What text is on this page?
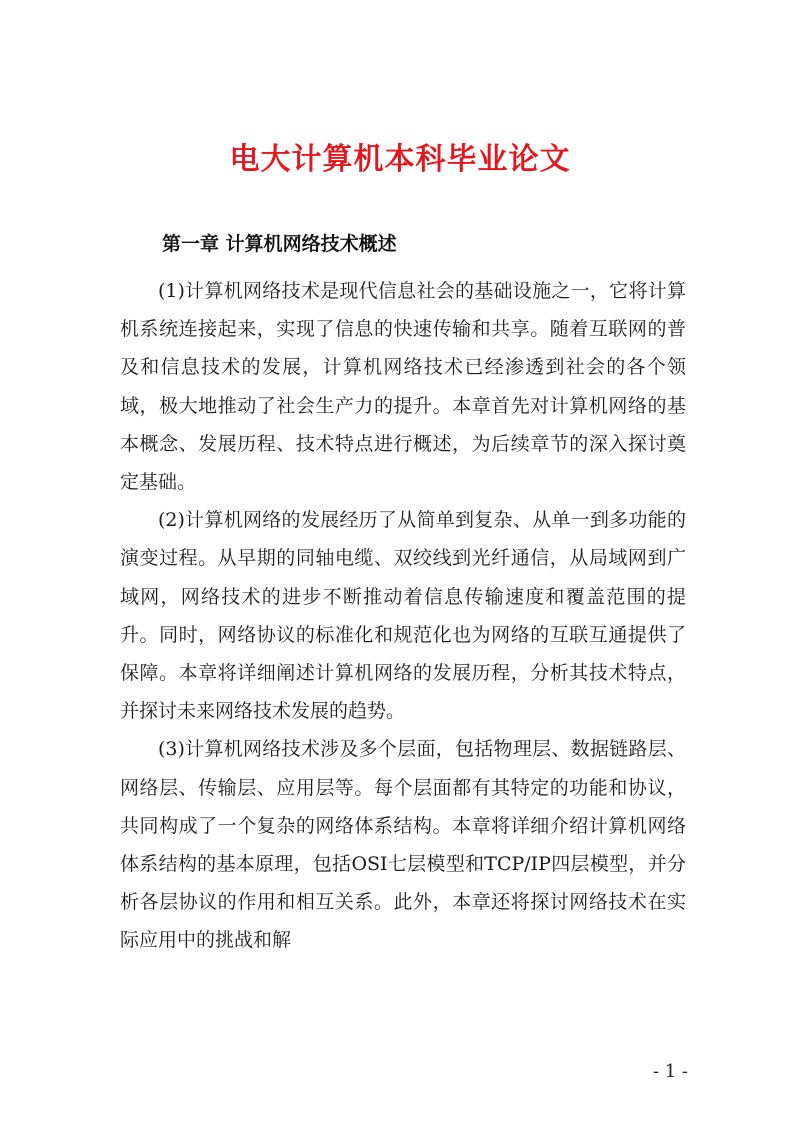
电大计算机本科毕业论文
第一章 计算机网络技术概述

(1)计算机网络技术是现代信息社会的基础设施之一，它将计算机系统连接起来，实现了信息的快速传输和共享。随着互联网的普及和信息技术的发展，计算机网络技术已经渗透到社会的各个领域，极大地推动了社会生产力的提升。本章首先对计算机网络的基本概念、发展历程、技术特点进行概述，为后续章节的深入探讨奠定基础。

(2)计算机网络的发展经历了从简单到复杂、从单一到多功能的演变过程。从早期的同轴电缆、双绞线到光纤通信，从局域网到广域网，网络技术的进步不断推动着信息传输速度和覆盖范围的提升。同时，网络协议的标准化和规范化也为网络的互联互通提供了保障。本章将详细阐述计算机网络的发展历程，分析其技术特点，并探讨未来网络技术发展的趋势。

(3)计算机网络技术涉及多个层面，包括物理层、数据链路层、网络层、传输层、应用层等。每个层面都有其特定的功能和协议，共同构成了一个复杂的网络体系结构。本章将详细介绍计算机网络体系结构的基本原理，包括OSI七层模型和TCP/IP四层模型，并分析各层协议的作用和相互关系。此外，本章还将探讨网络技术在实际应用中的挑战和解

- 1 -
